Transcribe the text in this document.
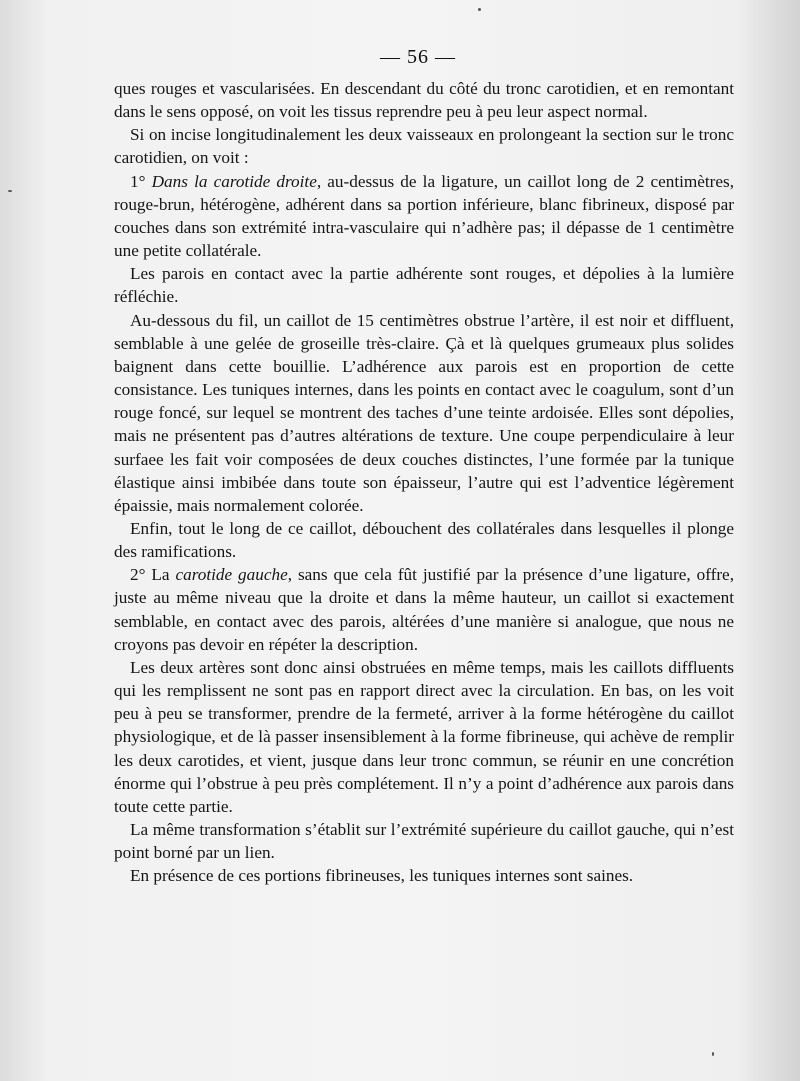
— 56 —

ques rouges et vascularisées. En descendant du côté du tronc carotidien, et en remontant dans le sens opposé, on voit les tissus reprendre peu à peu leur aspect normal.

Si on incise longitudinalement les deux vaisseaux en prolongeant la section sur le tronc carotidien, on voit :

1° Dans la carotide droite, au-dessus de la ligature, un caillot long de 2 centimètres, rouge-brun, hétérogène, adhérent dans sa portion inférieure, blanc fibrineux, disposé par couches dans son extrémité intra-vasculaire qui n’adhère pas; il dépasse de 1 centimètre une petite collatérale.

Les parois en contact avec la partie adhérente sont rouges, et dépolies à la lumière réfléchie.

Au-dessous du fil, un caillot de 15 centimètres obstrue l’artère, il est noir et diffluent, semblable à une gelée de groseille très-claire. Çà et là quelques grumeaux plus solides baignent dans cette bouillie. L’adhérence aux parois est en proportion de cette consistance. Les tuniques internes, dans les points en contact avec le coagulum, sont d’un rouge foncé, sur lequel se montrent des taches d’une teinte ardoisée. Elles sont dépolies, mais ne présentent pas d’autres altérations de texture. Une coupe perpendiculaire à leur surfaee les fait voir composées de deux couches distinctes, l’une formée par la tunique élastique ainsi imbibée dans toute son épaisseur, l’autre qui est l’adventice légèrement épaissie, mais normalement colorée.

Enfin, tout le long de ce caillot, débouchent des collatérales dans lesquelles il plonge des ramifications.

2° La carotide gauche, sans que cela fût justifié par la présence d’une ligature, offre, juste au même niveau que la droite et dans la même hauteur, un caillot si exactement semblable, en contact avec des parois, altérées d’une manière si analogue, que nous ne croyons pas devoir en répéter la description.

Les deux artères sont donc ainsi obstruées en même temps, mais les caillots diffluents qui les remplissent ne sont pas en rapport direct avec la circulation. En bas, on les voit peu à peu se transformer, prendre de la fermeté, arriver à la forme hétérogène du caillot physiologique, et de là passer insensiblement à la forme fibrineuse, qui achève de remplir les deux carotides, et vient, jusque dans leur tronc commun, se réunir en une concrétion énorme qui l’obstrue à peu près complétement. Il n’y a point d’adhérence aux parois dans toute cette partie.

La même transformation s’établit sur l’extrémité supérieure du caillot gauche, qui n’est point borné par un lien.

En présence de ces portions fibrineuses, les tuniques internes sont saines.
